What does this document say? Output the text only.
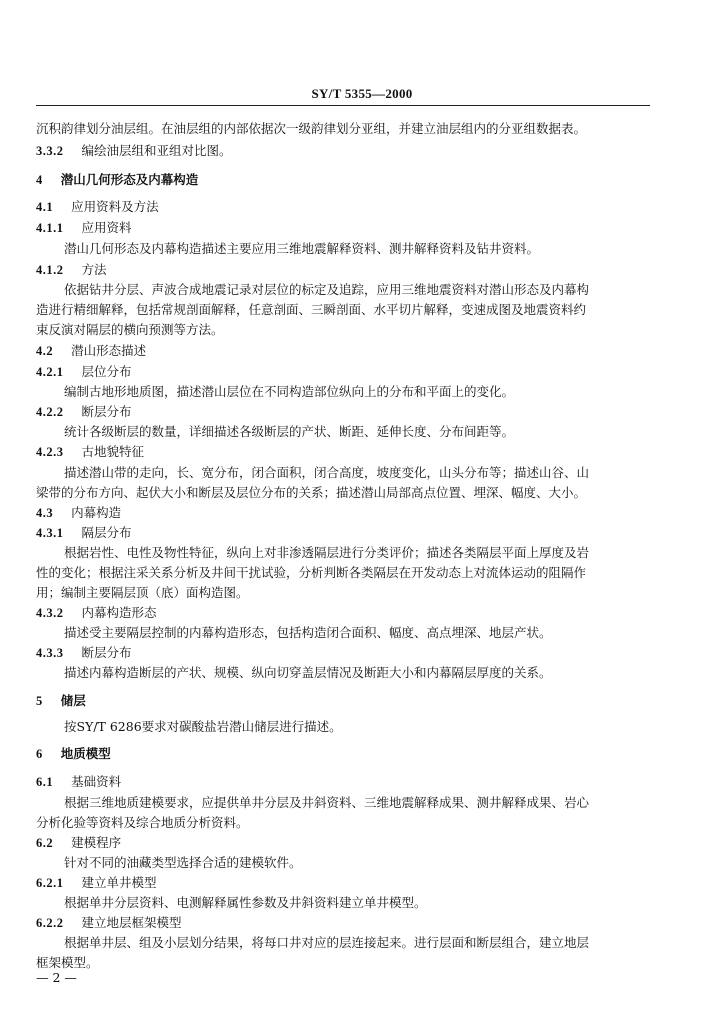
SY/T 5355—2000
沉积韵律划分油层组。在油层组的内部依据次一级韵律划分亚组，并建立油层组内的分亚组数据表。
3.3.2 编绘油层组和亚组对比图。
4 潜山几何形态及内幕构造
4.1 应用资料及方法
4.1.1 应用资料
潜山几何形态及内幕构造描述主要应用三维地震解释资料、测井解释资料及钻井资料。
4.1.2 方法
依据钻井分层、声波合成地震记录对层位的标定及追踪，应用三维地震资料对潜山形态及内幕构
造进行精细解释，包括常规剖面解释，任意剖面、三瞬剖面、水平切片解释，变速成图及地震资料约
束反演对隔层的横向预测等方法。
4.2 潜山形态描述
4.2.1 层位分布
编制古地形地质图，描述潜山层位在不同构造部位纵向上的分布和平面上的变化。
4.2.2 断层分布
统计各级断层的数量，详细描述各级断层的产状、断距、延伸长度、分布间距等。
4.2.3 古地貌特征
描述潜山带的走向，长、宽分布，闭合面积，闭合高度，坡度变化，山头分布等；描述山谷、山
梁带的分布方向、起伏大小和断层及层位分布的关系；描述潜山局部高点位置、埋深、幅度、大小。
4.3 内幕构造
4.3.1 隔层分布
根据岩性、电性及物性特征，纵向上对非渗透隔层进行分类评价；描述各类隔层平面上厚度及岩
性的变化；根据注采关系分析及井间干扰试验，分析判断各类隔层在开发动态上对流体运动的阻隔作
用；编制主要隔层顶（底）面构造图。
4.3.2 内幕构造形态
描述受主要隔层控制的内幕构造形态，包括构造闭合面积、幅度、高点埋深、地层产状。
4.3.3 断层分布
描述内幕构造断层的产状、规模、纵向切穿盖层情况及断距大小和内幕隔层厚度的关系。
5 储层
按SY/T 6286要求对碳酸盐岩潜山储层进行描述。
6 地质模型
6.1 基础资料
根据三维地质建模要求，应提供单井分层及井斜资料、三维地震解释成果、测井解释成果、岩心
分析化验等资料及综合地质分析资料。
6.2 建模程序
针对不同的油藏类型选择合适的建模软件。
6.2.1 建立单井模型
根据单井分层资料、电测解释属性参数及井斜资料建立单井模型。
6.2.2 建立地层框架模型
根据单井层、组及小层划分结果，将每口井对应的层连接起来。进行层面和断层组合，建立地层
框架模型。
— 2 —
